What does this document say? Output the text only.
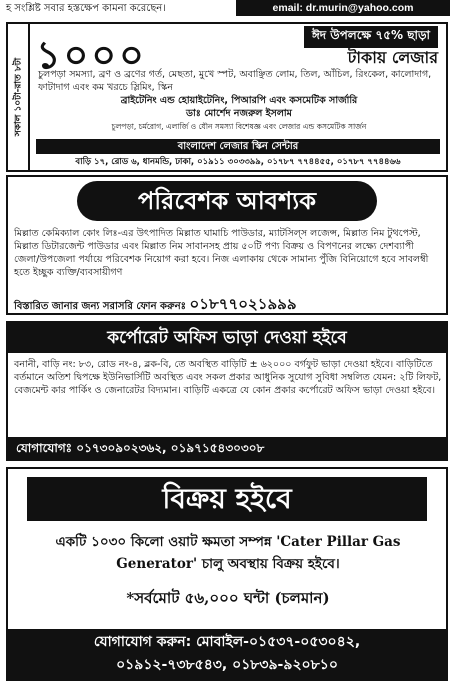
হ সংশ্লিষ্ট সবার হস্তক্ষেপ কামনা করেছেন।	email: dr.murin@yahoo.com
সকাল ১০টা-রাত ৮টা
১০০০	ঈদ উপলক্ষে ৭৫% ছাড়া
টাকায় লেজার
চুলপড়া সমস্যা, ব্রণ ও ব্রণের গর্ত, মেছতা, মুখে স্পট, অবাঞ্ছিত লোম, তিল, আঁচিল, রিংকেল, কালোদাগ, ফাটাদাগ এবং কম খরচে স্লিমিং, স্কিন
ব্রাইটেনিং এন্ড হোয়াইটেনিং, পিআরপি এবং কসমেটিক সার্জারি
ডাঃ মোর্শেদ নজরুল ইসলাম
চুলপড়া, চর্মরোগ, এলার্জি ও যৌন সমস্যা বিশেষজ্ঞ এবং লেজার এন্ড কসমেটিক সার্জন
বাংলাদেশ লেজার স্কিন সেন্টার
বাড়ি ১৭, রোড ৬, ধানমন্ডি, ঢাকা, ০১৯১১ ৩০৩৩৯৯, ০১৭৮৭ ৭৭৪৪৫৫, ০১৭৮৭ ৭৭৪৪৬৬
পরিবেশক আবশ্যক
মিল্লাত কেমিক্যাল কোং লিঃ-এর উৎপাদিত মিল্লাত ঘামাচি পাউডার, ম্যাটসিল্স লজেন্স, মিল্লাত নিম টুথপেস্ট, মিল্লাত ডিটারজেন্ট পাউডার এবং মিল্লাত নিম সাবানসহ প্রায় ৫০টি পণ্য বিক্রয় ও বিপণনের লক্ষ্যে দেশব্যাপী জেলা/উপজেলা পর্যায়ে পরিবেশক নিয়োগ করা হবে। নিজ এলাকায় থেকে সামান্য পুঁজি বিনিয়োগে হবে সাবলম্বী হতে ইচ্ছুক ব্যক্তি/ব্যবসায়ীগণ
বিস্তারিত জানার জন্য সরাসরি ফোন করুনঃ ০১৮৭৭০২১৯৯৯
কর্পোরেট অফিস ভাড়া দেওয়া হইবে
বনানী, বাড়ি নং: ৮৩, রোড নং-৪, ব্লক-বি, তে অবস্থিত বাড়িটি ± ৬২০০০ বর্গফুট ভাড়া দেওয়া হইবে। বাড়িটিতে বর্তমানে অতিশ দ্বিপক্ষে ইউনিভার্সিটি অবস্থিত এবং সকল প্রকার আধুনিক সুযোগ সুবিধা সম্বলিত যেমন: ২টি লিফট, বেজমেন্ট কার পার্কিং ও জেনারেটর বিদ্যমান। বাড়িটি একত্রে যে কোন প্রকার কর্পোরেট অফিস ভাড়া দেওয়া হইবে।
যোগাযোগঃ ০১৭৩০৯০২৩৬২, ০১৯৭১৫৪৩০৩০৮
বিক্রয় হইবে
একটি ১০৩০ কিলো ওয়াট ক্ষমতা সম্পন্ন 'Cater Pillar Gas Generator' চালু অবস্থায় বিক্রয় হইবে।
*সর্বমোট ৫৬,০০০ ঘন্টা (চলমান)
যোগাযোগ করুন: মোবাইল-০১৫৩৭-০৫৩০৪২,
০১৯১২-৭৩৮৫৪৩, ০১৮৩৯-৯২০৮১০
